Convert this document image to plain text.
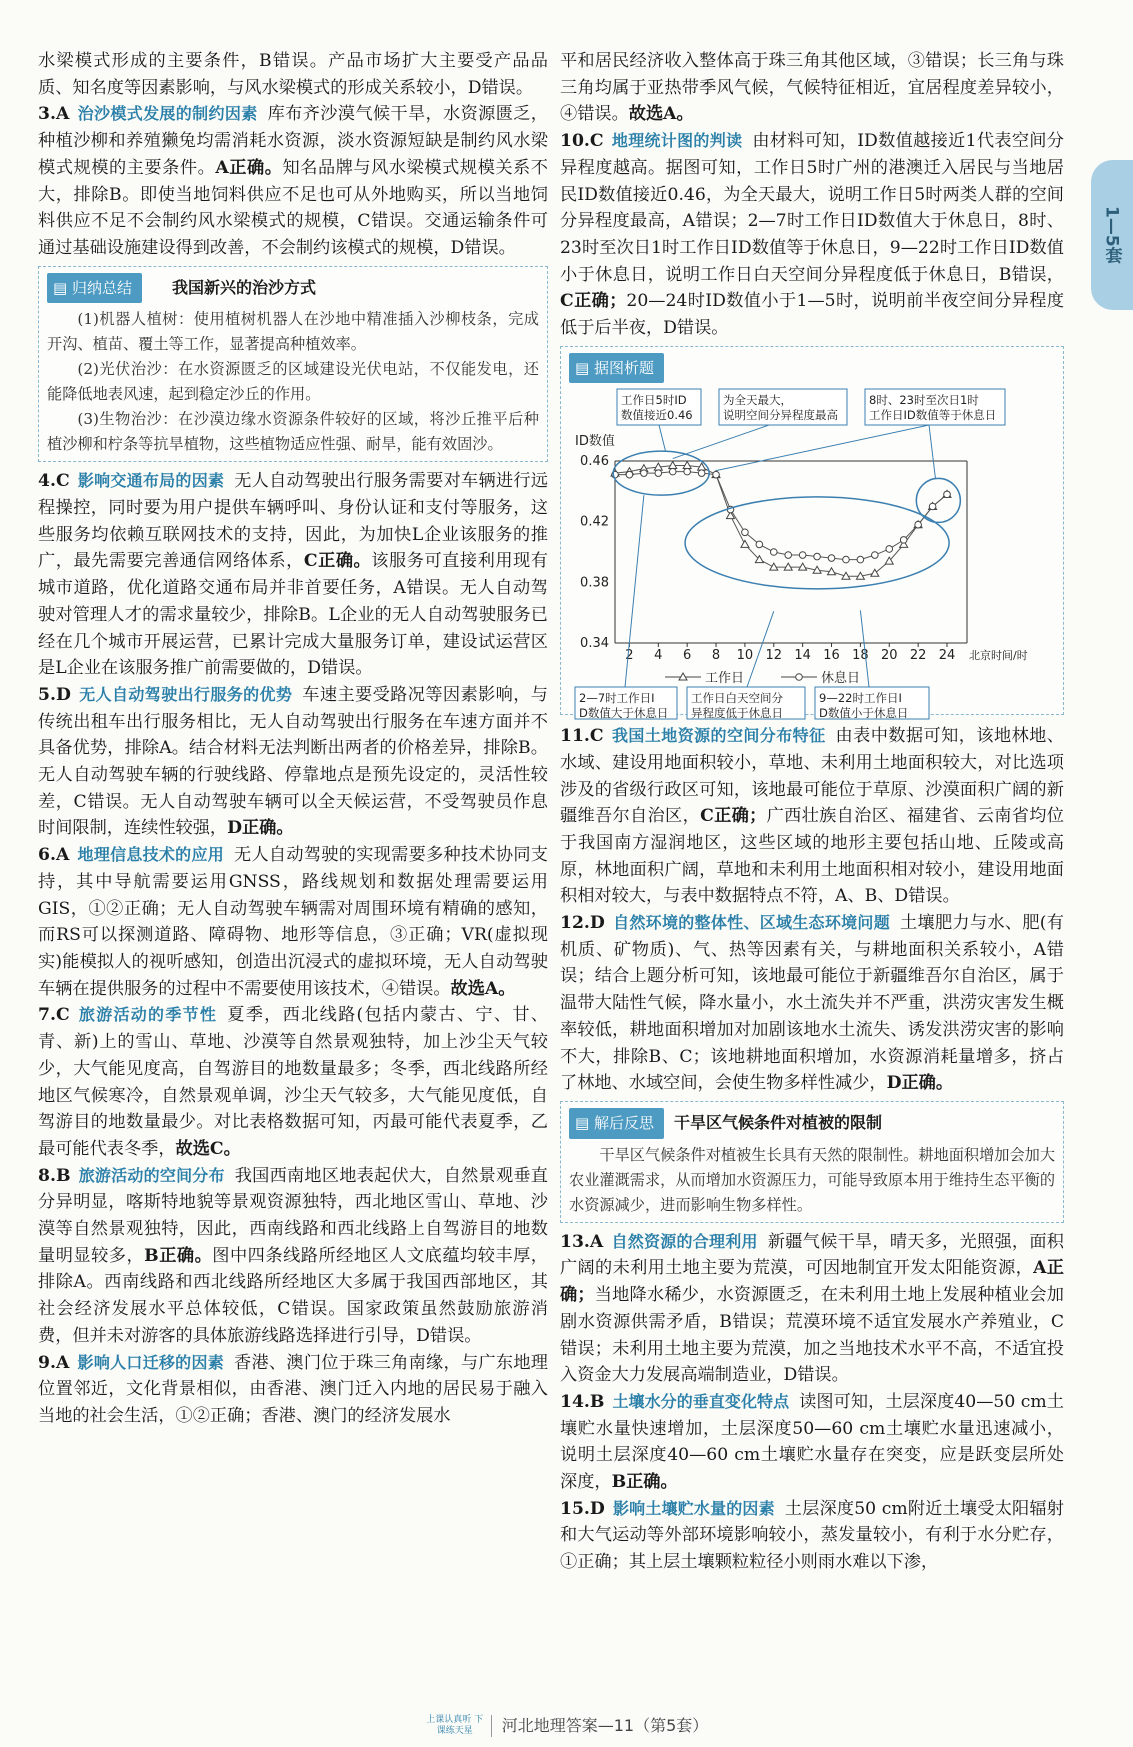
1—5套

水梁模式形成的主要条件，B错误。产品市场扩大主要受产品品质、知名度等因素影响，与风水梁模式的形成关系较小，D错误。

3.A 治沙模式发展的制约因素 库布齐沙漠气候干旱，水资源匮乏，种植沙柳和养殖獭兔均需消耗水资源，淡水资源短缺是制约风水梁模式规模的主要条件。A正确。知名品牌与风水梁模式规模关系不大，排除B。即使当地饲料供应不足也可从外地购买，所以当地饲料供应不足不会制约风水梁模式的规模，C错误。交通运输条件可通过基础设施建设得到改善，不会制约该模式的规模，D错误。

▤ 归纳总结	我国新兴的治沙方式

(1)机器人植树：使用植树机器人在沙地中精准插入沙柳枝条，完成开沟、植苗、覆土等工作，显著提高种植效率。

(2)光伏治沙：在水资源匮乏的区域建设光伏电站，不仅能发电，还能降低地表风速，起到稳定沙丘的作用。

(3)生物治沙：在沙漠边缘水资源条件较好的区域，将沙丘推平后种植沙柳和柠条等抗旱植物，这些植物适应性强、耐旱，能有效固沙。

4.C 影响交通布局的因素 无人自动驾驶出行服务需要对车辆进行远程操控，同时要为用户提供车辆呼叫、身份认证和支付等服务，这些服务均依赖互联网技术的支持，因此，为加快L企业该服务的推广，最先需要完善通信网络体系，C正确。该服务可直接利用现有城市道路，优化道路交通布局并非首要任务，A错误。无人自动驾驶对管理人才的需求量较少，排除B。L企业的无人自动驾驶服务已经在几个城市开展运营，已累计完成大量服务订单，建设试运营区是L企业在该服务推广前需要做的，D错误。

5.D 无人自动驾驶出行服务的优势 车速主要受路况等因素影响，与传统出租车出行服务相比，无人自动驾驶出行服务在车速方面并不具备优势，排除A。结合材料无法判断出两者的价格差异，排除B。无人自动驾驶车辆的行驶线路、停靠地点是预先设定的，灵活性较差，C错误。无人自动驾驶车辆可以全天候运营，不受驾驶员作息时间限制，连续性较强，D正确。

6.A 地理信息技术的应用 无人自动驾驶的实现需要多种技术协同支持，其中导航需要运用GNSS，路线规划和数据处理需要运用GIS，①②正确；无人自动驾驶车辆需对周围环境有精确的感知，而RS可以探测道路、障碍物、地形等信息，③正确；VR(虚拟现实)能模拟人的视听感知，创造出沉浸式的虚拟环境，无人自动驾驶车辆在提供服务的过程中不需要使用该技术，④错误。故选A。

7.C 旅游活动的季节性 夏季，西北线路(包括内蒙古、宁、甘、青、新)上的雪山、草地、沙漠等自然景观独特，加上沙尘天气较少，大气能见度高，自驾游目的地数量最多；冬季，西北线路所经地区气候寒冷，自然景观单调，沙尘天气较多，大气能见度低，自驾游目的地数量最少。对比表格数据可知，丙最可能代表夏季，乙最可能代表冬季，故选C。

8.B 旅游活动的空间分布 我国西南地区地表起伏大，自然景观垂直分异明显，喀斯特地貌等景观资源独特，西北地区雪山、草地、沙漠等自然景观独特，因此，西南线路和西北线路上自驾游目的地数量明显较多，B正确。图中四条线路所经地区人文底蕴均较丰厚，排除A。西南线路和西北线路所经地区大多属于我国西部地区，其社会经济发展水平总体较低，C错误。国家政策虽然鼓励旅游消费，但并未对游客的具体旅游线路选择进行引导，D错误。

9.A 影响人口迁移的因素 香港、澳门位于珠三角南缘，与广东地理位置邻近，文化背景相似，由香港、澳门迁入内地的居民易于融入当地的社会生活，①②正确；香港、澳门的经济发展水

平和居民经济收入整体高于珠三角其他区域，③错误；长三角与珠三角均属于亚热带季风气候，气候特征相近，宜居程度差异较小，④错误。故选A。

10.C 地理统计图的判读 由材料可知，ID数值越接近1代表空间分异程度越高。据图可知，工作日5时广州的港澳迁入居民与当地居民ID数值接近0.46，为全天最大，说明工作日5时两类人群的空间分异程度最高，A错误；2—7时工作日ID数值大于休息日，8时、23时至次日1时工作日ID数值等于休息日，9—22时工作日ID数值小于休息日，说明工作日白天空间分异程度低于休息日，B错误，C正确；20—24时ID数值小于1—5时，说明前半夜空间分异程度低于后半夜，D错误。

▤ 据图析题
ID数值
0.46
0.42
0.38
0.34
2 4 6 8 10 12 14 16 18 20 22 24 北京时间/时
工作日	休息日
工作日5时ID
数值接近0.46
为全天最大，
说明空间分异程度最高
8时、23时至次日1时
工作日ID数值等于休息日
2—7时工作日I
D数值大于休息日
工作日白天空间分
异程度低于休息日
9—22时工作日I
D数值小于休息日

11.C 我国土地资源的空间分布特征 由表中数据可知，该地林地、水域、建设用地面积较小，草地、未利用土地面积较大，对比选项涉及的省级行政区可知，该地最可能位于草原、沙漠面积广阔的新疆维吾尔自治区，C正确；广西壮族自治区、福建省、云南省均位于我国南方湿润地区，这些区域的地形主要包括山地、丘陵或高原，林地面积广阔，草地和未利用土地面积相对较小，建设用地面积相对较大，与表中数据特点不符，A、B、D错误。

12.D 自然环境的整体性、区域生态环境问题 土壤肥力与水、肥(有机质、矿物质)、气、热等因素有关，与耕地面积关系较小，A错误；结合上题分析可知，该地最可能位于新疆维吾尔自治区，属于温带大陆性气候，降水量小，水土流失并不严重，洪涝灾害发生概率较低，耕地面积增加对加剧该地水土流失、诱发洪涝灾害的影响不大，排除B、C；该地耕地面积增加，水资源消耗量增多，挤占了林地、水域空间，会使生物多样性减少，D正确。

▤ 解后反思	干旱区气候条件对植被的限制

干旱区气候条件对植被生长具有天然的限制性。耕地面积增加会加大农业灌溉需求，从而增加水资源压力，可能导致原本用于维持生态平衡的水资源减少，进而影响生物多样性。

13.A 自然资源的合理利用 新疆气候干旱，晴天多，光照强，面积广阔的未利用土地主要为荒漠，可因地制宜开发太阳能资源，A正确；当地降水稀少，水资源匮乏，在未利用土地上发展种植业会加剧水资源供需矛盾，B错误；荒漠环境不适宜发展水产养殖业，C错误；未利用土地主要为荒漠，加之当地技术水平不高，不适宜投入资金大力发展高端制造业，D错误。

14.B 土壤水分的垂直变化特点 读图可知，土层深度40—50 cm土壤贮水量快速增加，土层深度50—60 cm土壤贮水量迅速减小，说明土层深度40—60 cm土壤贮水量存在突变，应是跃变层所处深度，B正确。

15.D 影响土壤贮水量的因素 土层深度50 cm附近土壤受太阳辐射和大气运动等外部环境影响较小，蒸发量较小，有利于水分贮存，①正确；其上层土壤颗粒粒径小则雨水难以下渗，

上课认真听 下课练天星 河北地理答案—11（第5套）
